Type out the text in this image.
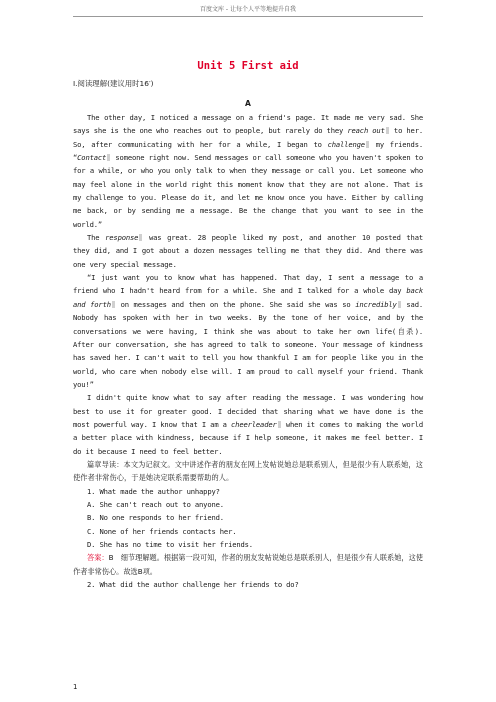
百度文库 - 让每个人平等地提升自我
Unit 5 First aid
Ⅰ.阅读理解(建议用时16′)
A

The other day, I noticed a message on a friend's page. It made me very sad. She says she is the one who reaches out to people, but rarely do they reach out to her. So, after communicating with her for a while, I began to challenge my friends. “Contact someone right now. Send messages or call someone who you haven't spoken to for a while, or who you only talk to when they message or call you. Let someone who may feel alone in the world right this moment know that they are not alone. That is my challenge to you. Please do it, and let me know once you have. Either by calling me back, or by sending me a message. Be the change that you want to see in the world.”

The response was great. 28 people liked my post, and another 10 posted that they did, and I got about a dozen messages telling me that they did. And there was one very special message.

“I just want you to know what has happened. That day, I sent a message to a friend who I hadn't heard from for a while. She and I talked for a whole day back and forth on messages and then on the phone. She said she was so incredibly sad. Nobody has spoken with her in two weeks. By the tone of her voice, and by the conversations we were having, I think she was about to take her own life(自杀). After our conversation, she has agreed to talk to someone. Your message of kindness has saved her. I can't wait to tell you how thankful I am for people like you in the world, who care when nobody else will. I am proud to call myself your friend. Thank you!”

I didn't quite know what to say after reading the message. I was wondering how best to use it for greater good. I decided that sharing what we have done is the most powerful way. I know that I am a cheerleader when it comes to making the world a better place with kindness, because if I help someone, it makes me feel better. I do it because I need to feel better.

篇章导读：本文为记叙文。文中讲述作者的朋友在网上发帖说她总是联系别人，但是很少有人联系她，这使作者非常伤心，于是她决定联系需要帮助的人。

1. What made the author unhappy?

A. She can't reach out to anyone.

B. No one responds to her friend.

C. None of her friends contacts her.

D. She has no time to visit her friends.

答案：B　细节理解题。根据第一段可知，作者的朋友发帖说她总是联系别人，但是很少有人联系她，这使作者非常伤心。故选B项。

2. What did the author challenge her friends to do?

1
